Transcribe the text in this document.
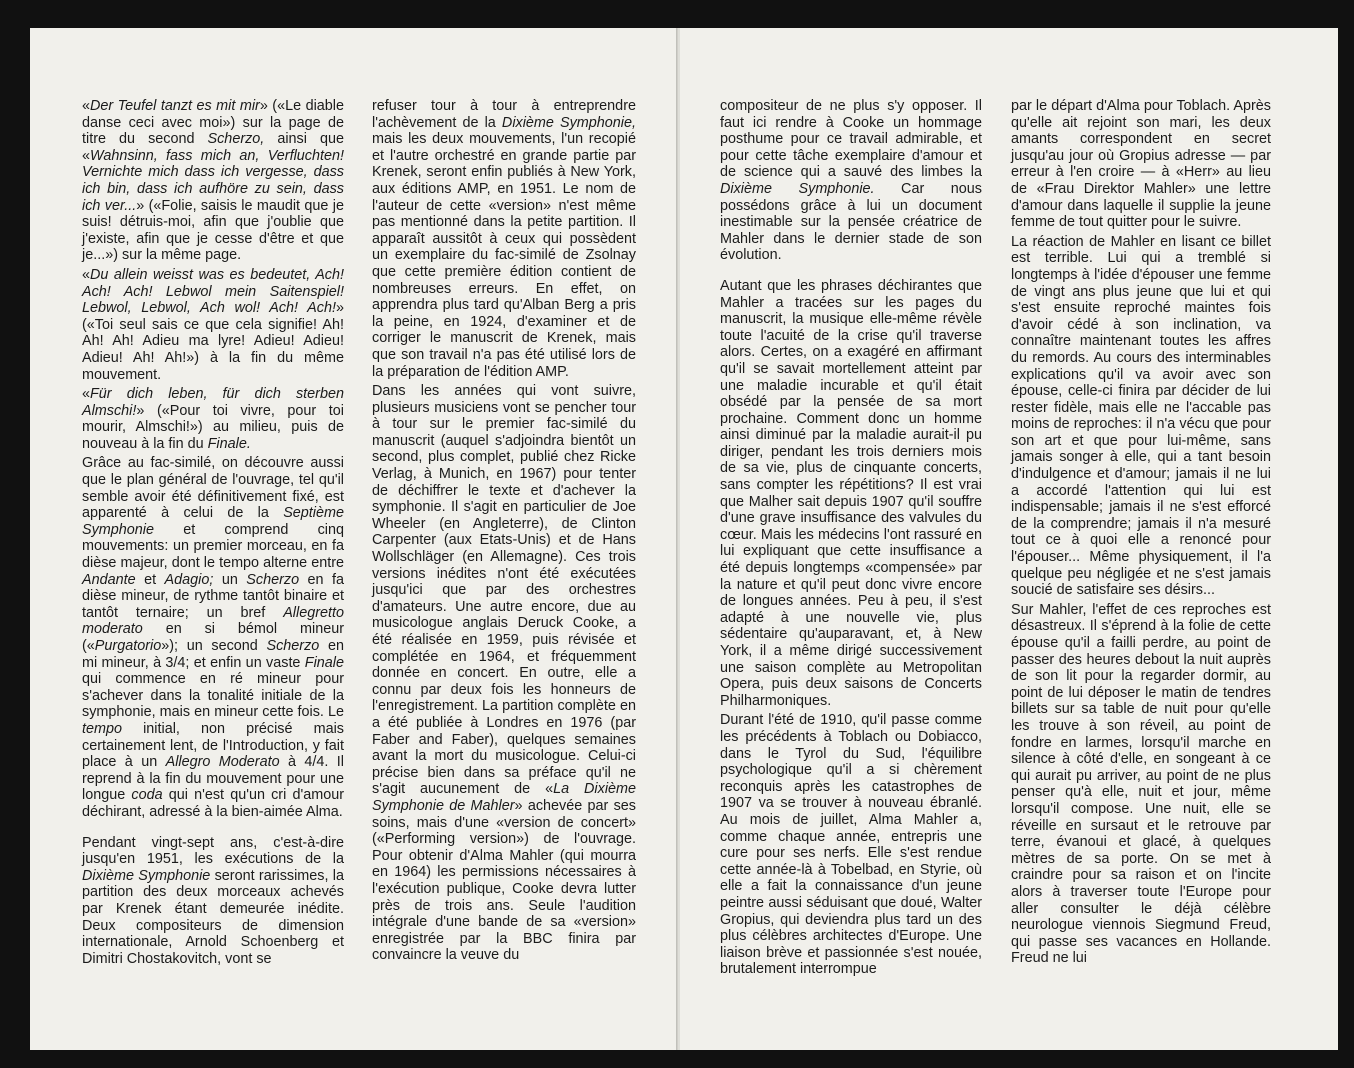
«Der Teufel tanzt es mit mir» («Le diable danse ceci avec moi») sur la page de titre du second Scherzo, ainsi que «Wahnsinn, fass mich an, Verfluchten! Vernichte mich dass ich vergesse, dass ich bin, dass ich aufhöre zu sein, dass ich ver...» («Folie, saisis le maudit que je suis! détruis-moi, afin que j'oublie que j'existe, afin que je cesse d'être et que je...») sur la même page.

«Du allein weisst was es bedeutet, Ach! Ach! Ach! Lebwol mein Saitenspiel! Lebwol, Lebwol, Ach wol! Ach! Ach!» («Toi seul sais ce que cela signifie! Ah! Ah! Ah! Adieu ma lyre! Adieu! Adieu! Adieu! Ah! Ah!») à la fin du même mouvement.

«Für dich leben, für dich sterben Almschi!» («Pour toi vivre, pour toi mourir, Almschi!») au milieu, puis de nouveau à la fin du Finale.

Grâce au fac-similé, on découvre aussi que le plan général de l'ouvrage, tel qu'il semble avoir été définitivement fixé, est apparenté à celui de la Septième Symphonie et comprend cinq mouvements: un premier morceau, en fa dièse majeur, dont le tempo alterne entre Andante et Adagio; un Scherzo en fa dièse mineur, de rythme tantôt binaire et tantôt ternaire; un bref Allegretto moderato en si bémol mineur («Purgatorio»); un second Scherzo en mi mineur, à 3/4; et enfin un vaste Finale qui commence en ré mineur pour s'achever dans la tonalité initiale de la symphonie, mais en mineur cette fois. Le tempo initial, non précisé mais certainement lent, de l'Introduction, y fait place à un Allegro Moderato à 4/4. Il reprend à la fin du mouvement pour une longue coda qui n'est qu'un cri d'amour déchirant, adressé à la bien-aimée Alma.

Pendant vingt-sept ans, c'est-à-dire jusqu'en 1951, les exécutions de la Dixième Symphonie seront rarissimes, la partition des deux morceaux achevés par Krenek étant demeurée inédite. Deux compositeurs de dimension internationale, Arnold Schoenberg et Dimitri Chostakovitch, vont se

refuser tour à tour à entreprendre l'achèvement de la Dixième Symphonie, mais les deux mouvements, l'un recopié et l'autre orchestré en grande partie par Krenek, seront enfin publiés à New York, aux éditions AMP, en 1951. Le nom de l'auteur de cette «version» n'est même pas mentionné dans la petite partition. Il apparaît aussitôt à ceux qui possèdent un exemplaire du fac-similé de Zsolnay que cette première édition contient de nombreuses erreurs. En effet, on apprendra plus tard qu'Alban Berg a pris la peine, en 1924, d'examiner et de corriger le manuscrit de Krenek, mais que son travail n'a pas été utilisé lors de la préparation de l'édition AMP.

Dans les années qui vont suivre, plusieurs musiciens vont se pencher tour à tour sur le premier fac-similé du manuscrit (auquel s'adjoindra bientôt un second, plus complet, publié chez Ricke Verlag, à Munich, en 1967) pour tenter de déchiffrer le texte et d'achever la symphonie. Il s'agit en particulier de Joe Wheeler (en Angleterre), de Clinton Carpenter (aux Etats-Unis) et de Hans Wollschläger (en Allemagne). Ces trois versions inédites n'ont été exécutées jusqu'ici que par des orchestres d'amateurs. Une autre encore, due au musicologue anglais Deruck Cooke, a été réalisée en 1959, puis révisée et complétée en 1964, et fréquemment donnée en concert. En outre, elle a connu par deux fois les honneurs de l'enregistrement. La partition complète en a été publiée à Londres en 1976 (par Faber and Faber), quelques semaines avant la mort du musicologue. Celui-ci précise bien dans sa préface qu'il ne s'agit aucunement de «La Dixième Symphonie de Mahler» achevée par ses soins, mais d'une «version de concert» («Performing version») de l'ouvrage. Pour obtenir d'Alma Mahler (qui mourra en 1964) les permissions nécessaires à l'exécution publique, Cooke devra lutter près de trois ans. Seule l'audition intégrale d'une bande de sa «version» enregistrée par la BBC finira par convaincre la veuve du

compositeur de ne plus s'y opposer. Il faut ici rendre à Cooke un hommage posthume pour ce travail admirable, et pour cette tâche exemplaire d'amour et de science qui a sauvé des limbes la Dixième Symphonie. Car nous possédons grâce à lui un document inestimable sur la pensée créatrice de Mahler dans le dernier stade de son évolution.

Autant que les phrases déchirantes que Mahler a tracées sur les pages du manuscrit, la musique elle-même révèle toute l'acuité de la crise qu'il traverse alors. Certes, on a exagéré en affirmant qu'il se savait mortellement atteint par une maladie incurable et qu'il était obsédé par la pensée de sa mort prochaine. Comment donc un homme ainsi diminué par la maladie aurait-il pu diriger, pendant les trois derniers mois de sa vie, plus de cinquante concerts, sans compter les répétitions? Il est vrai que Malher sait depuis 1907 qu'il souffre d'une grave insuffisance des valvules du cœur. Mais les médecins l'ont rassuré en lui expliquant que cette insuffisance a été depuis longtemps «compensée» par la nature et qu'il peut donc vivre encore de longues années. Peu à peu, il s'est adapté à une nouvelle vie, plus sédentaire qu'auparavant, et, à New York, il a même dirigé successivement une saison complète au Metropolitan Opera, puis deux saisons de Concerts Philharmoniques.

Durant l'été de 1910, qu'il passe comme les précédents à Toblach ou Dobiacco, dans le Tyrol du Sud, l'équilibre psychologique qu'il a si chèrement reconquis après les catastrophes de 1907 va se trouver à nouveau ébranlé. Au mois de juillet, Alma Mahler a, comme chaque année, entrepris une cure pour ses nerfs. Elle s'est rendue cette année-là à Tobelbad, en Styrie, où elle a fait la connaissance d'un jeune peintre aussi séduisant que doué, Walter Gropius, qui deviendra plus tard un des plus célèbres architectes d'Europe. Une liaison brève et passionnée s'est nouée, brutalement interrompue

par le départ d'Alma pour Toblach. Après qu'elle ait rejoint son mari, les deux amants correspondent en secret jusqu'au jour où Gropius adresse — par erreur à l'en croire — à «Herr» au lieu de «Frau Direktor Mahler» une lettre d'amour dans laquelle il supplie la jeune femme de tout quitter pour le suivre.

La réaction de Mahler en lisant ce billet est terrible. Lui qui a tremblé si longtemps à l'idée d'épouser une femme de vingt ans plus jeune que lui et qui s'est ensuite reproché maintes fois d'avoir cédé à son inclination, va connaître maintenant toutes les affres du remords. Au cours des interminables explications qu'il va avoir avec son épouse, celle-ci finira par décider de lui rester fidèle, mais elle ne l'accable pas moins de reproches: il n'a vécu que pour son art et que pour lui-même, sans jamais songer à elle, qui a tant besoin d'indulgence et d'amour; jamais il ne lui a accordé l'attention qui lui est indispensable; jamais il ne s'est efforcé de la comprendre; jamais il n'a mesuré tout ce à quoi elle a renoncé pour l'épouser... Même physiquement, il l'a quelque peu négligée et ne s'est jamais soucié de satisfaire ses désirs...

Sur Mahler, l'effet de ces reproches est désastreux. Il s'éprend à la folie de cette épouse qu'il a failli perdre, au point de passer des heures debout la nuit auprès de son lit pour la regarder dormir, au point de lui déposer le matin de tendres billets sur sa table de nuit pour qu'elle les trouve à son réveil, au point de fondre en larmes, lorsqu'il marche en silence à côté d'elle, en songeant à ce qui aurait pu arriver, au point de ne plus penser qu'à elle, nuit et jour, même lorsqu'il compose. Une nuit, elle se réveille en sursaut et le retrouve par terre, évanoui et glacé, à quelques mètres de sa porte. On se met à craindre pour sa raison et on l'incite alors à traverser toute l'Europe pour aller consulter le déjà célèbre neurologue viennois Siegmund Freud, qui passe ses vacances en Hollande. Freud ne lui
